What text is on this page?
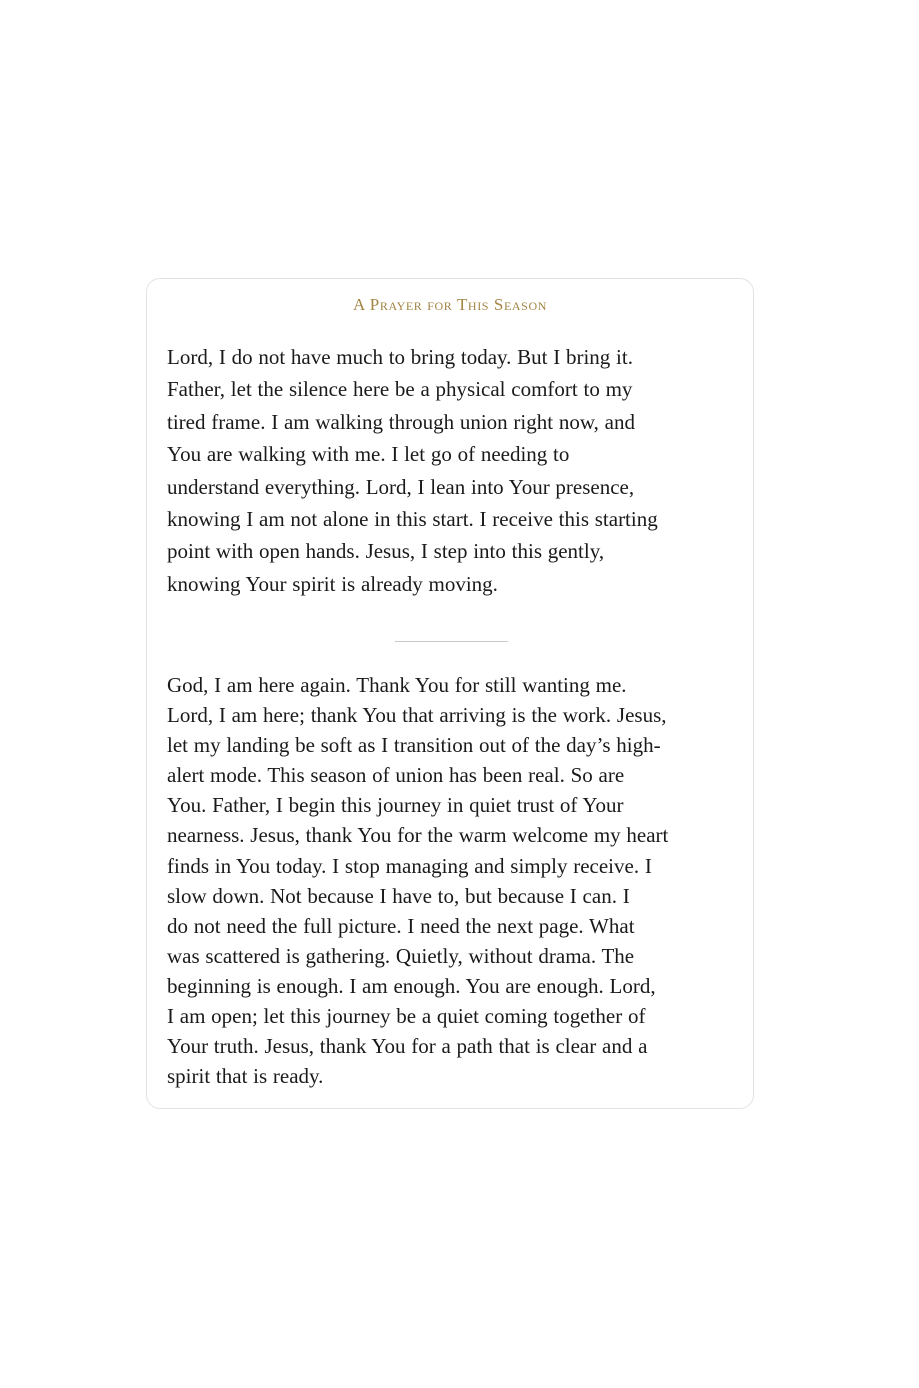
A Prayer for This Season

Lord, I do not have much to bring today. But I bring it.
Father, let the silence here be a physical comfort to my
tired frame. I am walking through union right now, and
You are walking with me. I let go of needing to
understand everything. Lord, I lean into Your presence,
knowing I am not alone in this start. I receive this starting
point with open hands. Jesus, I step into this gently,
knowing Your spirit is already moving.

God, I am here again. Thank You for still wanting me.
Lord, I am here; thank You that arriving is the work. Jesus,
let my landing be soft as I transition out of the day’s high-
alert mode. This season of union has been real. So are
You. Father, I begin this journey in quiet trust of Your
nearness. Jesus, thank You for the warm welcome my heart
finds in You today. I stop managing and simply receive. I
slow down. Not because I have to, but because I can. I
do not need the full picture. I need the next page. What
was scattered is gathering. Quietly, without drama. The
beginning is enough. I am enough. You are enough. Lord,
I am open; let this journey be a quiet coming together of
Your truth. Jesus, thank You for a path that is clear and a
spirit that is ready.
